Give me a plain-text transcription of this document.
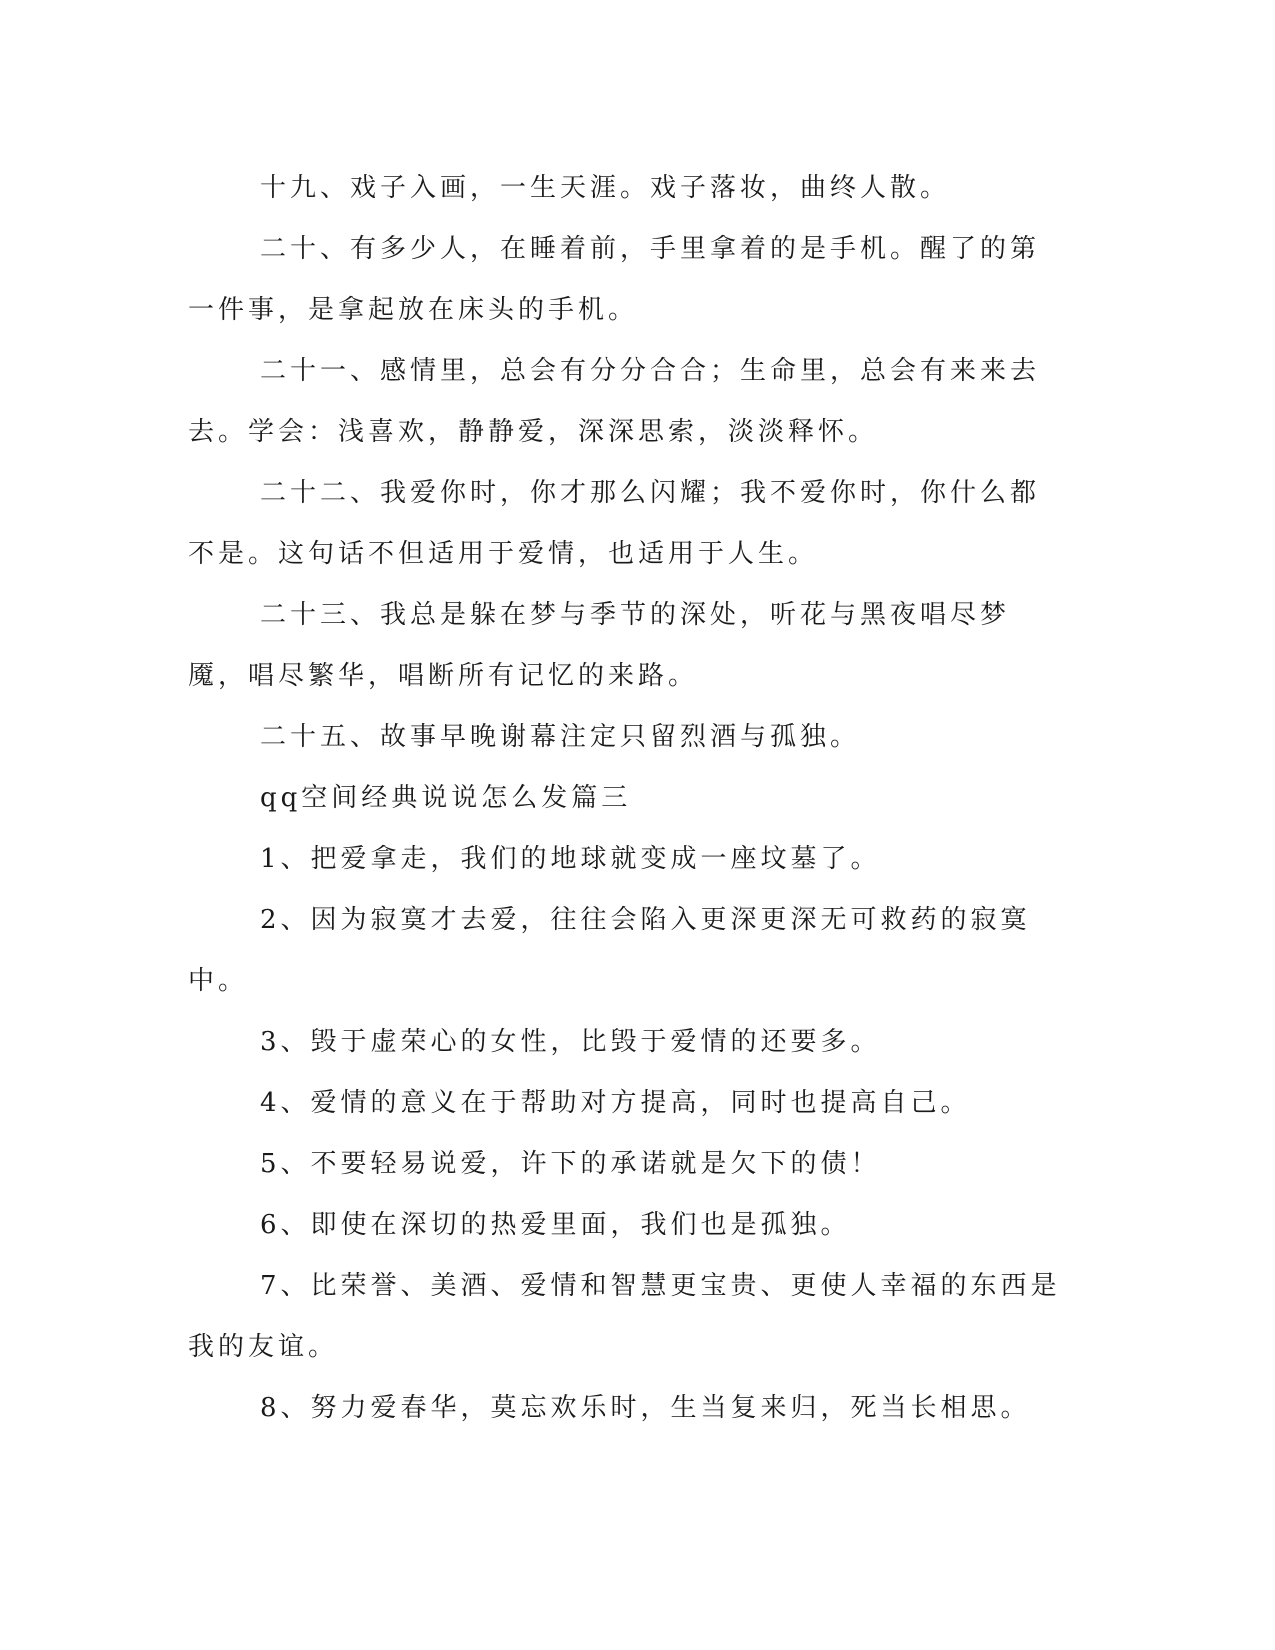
十九、戏子入画，一生天涯。戏子落妆，曲终人散。

二十、有多少人，在睡着前，手里拿着的是手机。醒了的第一件事，是拿起放在床头的手机。

二十一、感情里，总会有分分合合；生命里，总会有来来去去。学会：浅喜欢，静静爱，深深思索，淡淡释怀。

二十二、我爱你时，你才那么闪耀；我不爱你时，你什么都不是。这句话不但适用于爱情，也适用于人生。

二十三、我总是躲在梦与季节的深处，听花与黑夜唱尽梦魇，唱尽繁华，唱断所有记忆的来路。

二十五、故事早晚谢幕注定只留烈酒与孤独。

qq空间经典说说怎么发篇三

1、把爱拿走，我们的地球就变成一座坟墓了。

2、因为寂寞才去爱，往往会陷入更深更深无可救药的寂寞中。

3、毁于虚荣心的女性，比毁于爱情的还要多。

4、爱情的意义在于帮助对方提高，同时也提高自己。

5、不要轻易说爱，许下的承诺就是欠下的债！

6、即使在深切的热爱里面，我们也是孤独。

7、比荣誉、美酒、爱情和智慧更宝贵、更使人幸福的东西是我的友谊。

8、努力爱春华，莫忘欢乐时，生当复来归，死当长相思。
